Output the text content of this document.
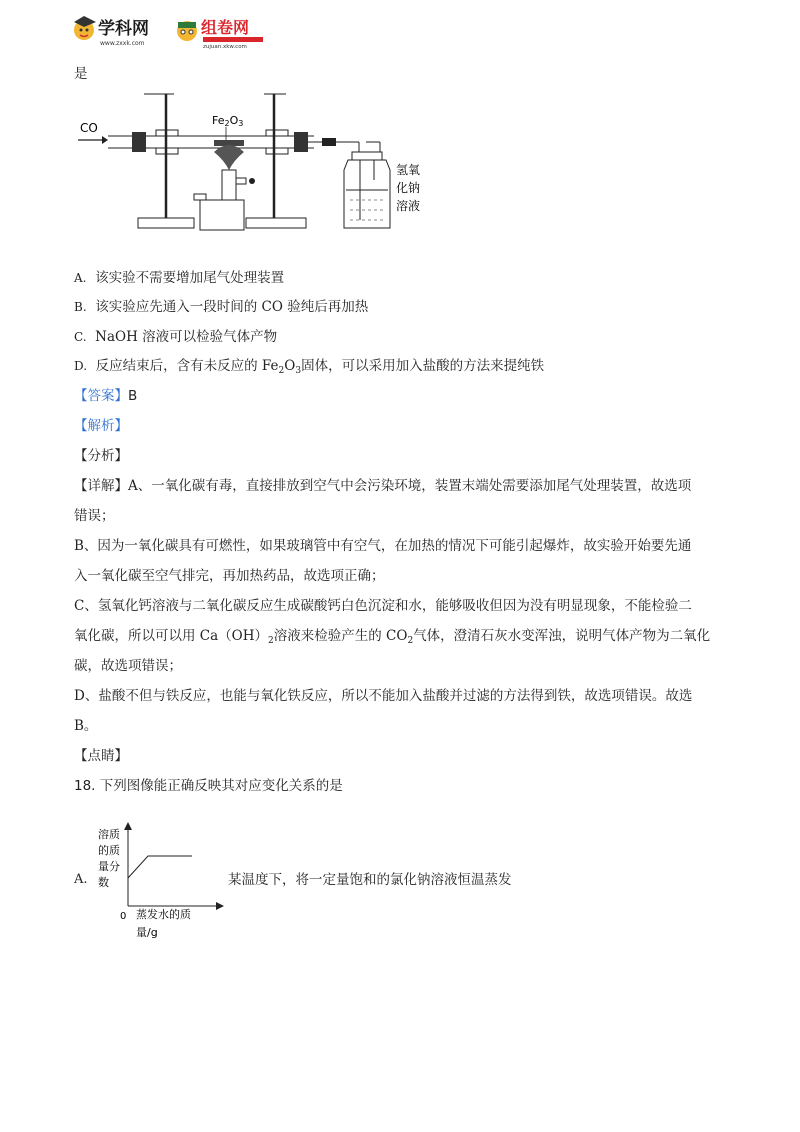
学科网
www.zxxk.com
组卷网
zujuan.xkw.com
是
CO
Fe2O3
氢氧
化钠
溶液
A. 该实验不需要增加尾气处理装置
B. 该实验应先通入一段时间的 CO 验纯后再加热
C. NaOH 溶液可以检验气体产物
D. 反应结束后，含有未反应的 $Fe_2O_3$固体，可以采用加入盐酸的方法来提纯铁
【答案】B
【解析】
【分析】
【详解】A、一氧化碳有毒，直接排放到空气中会污染环境，装置末端处需要添加尾气处理装置，故选项
错误；
B、因为一氧化碳具有可燃性，如果玻璃管中有空气，在加热的情况下可能引起爆炸，故实验开始要先通
入一氧化碳至空气排完，再加热药品，故选项正确；
C、氢氧化钙溶液与二氧化碳反应生成碳酸钙白色沉淀和水，能够吸收但因为没有明显现象，不能检验二
氧化碳，所以可以用 $Ca(OH)_2$溶液来检验产生的 $CO_2$气体，澄清石灰水变浑浊，说明气体产物为二氧化
碳，故选项错误；
D、盐酸不但与铁反应，也能与氧化铁反应，所以不能加入盐酸并过滤的方法得到铁，故选项错误。故选
B。
【点睛】
18. 下列图像能正确反映其对应变化关系的是
A.
溶质
的质
量分
数
0 蒸发水的质
量/g
某温度下，将一定量饱和的氯化钠溶液恒温蒸发
